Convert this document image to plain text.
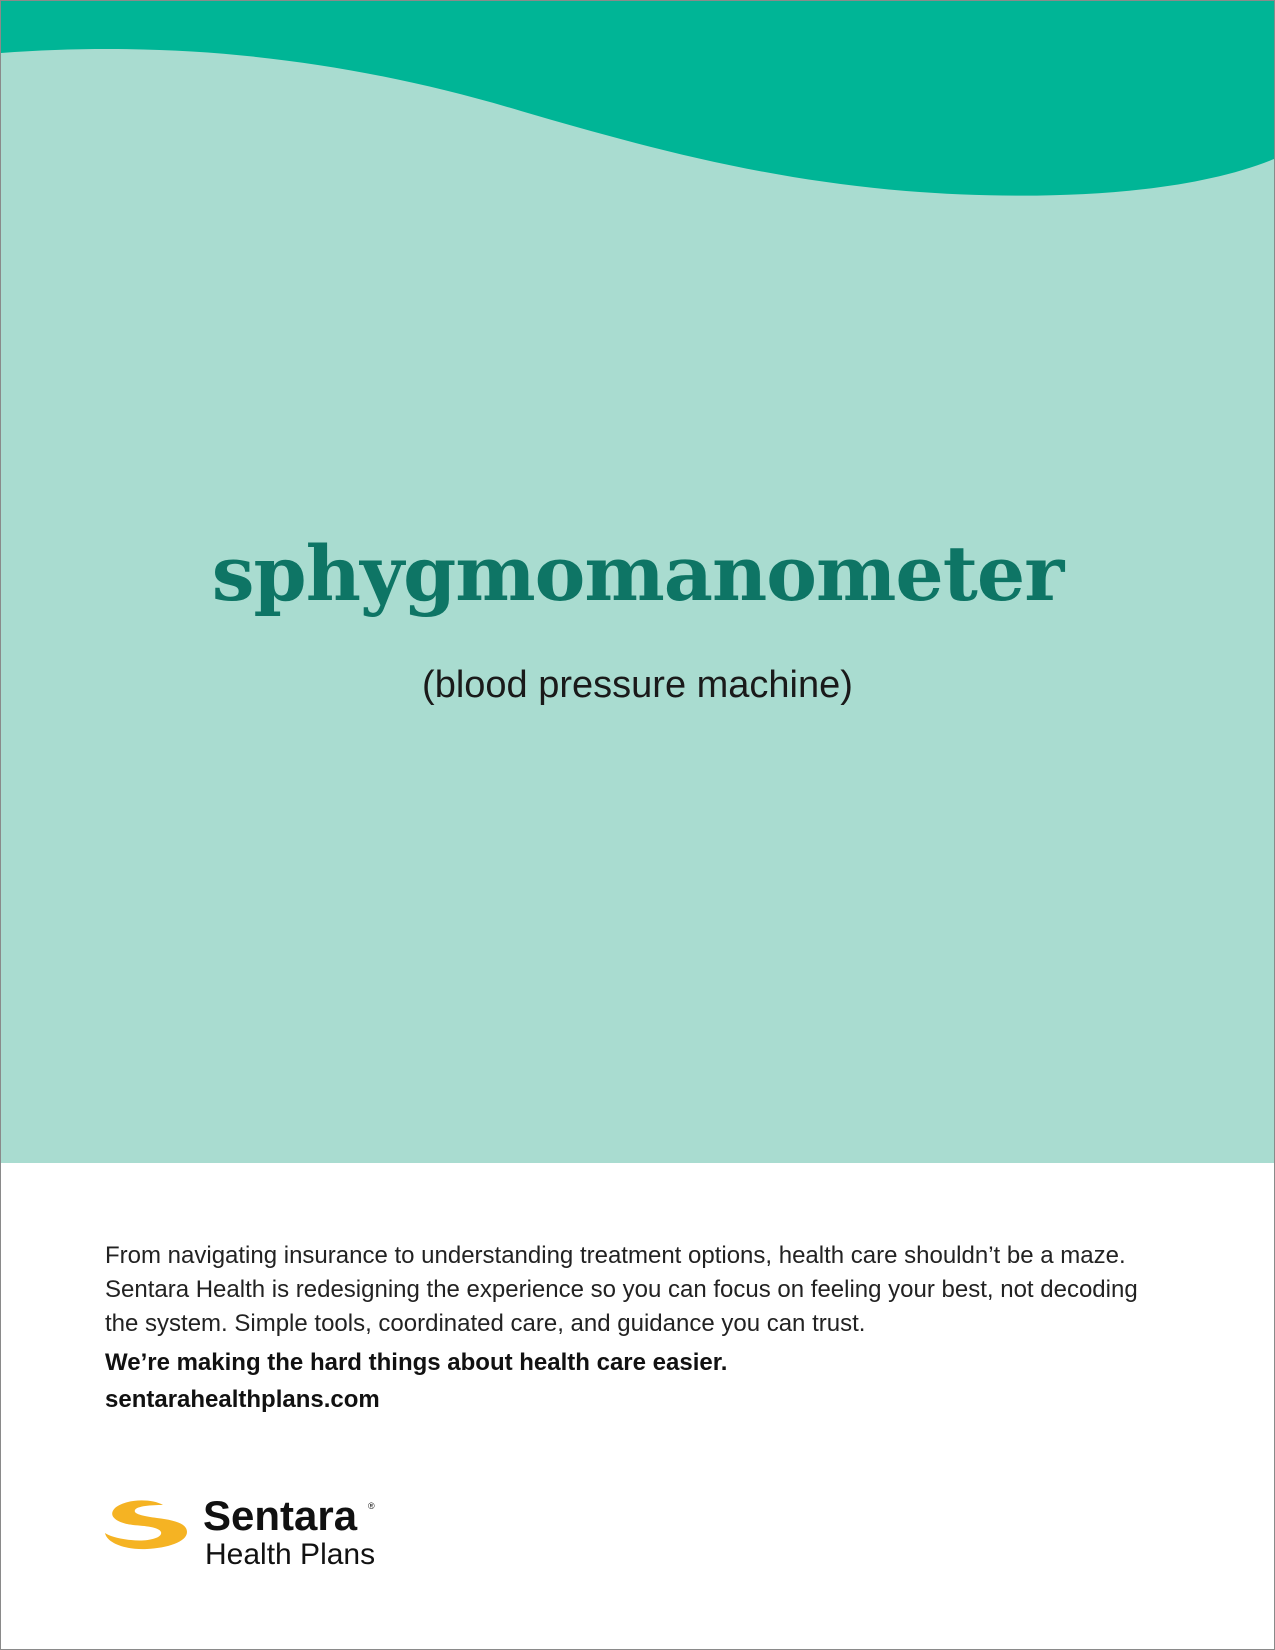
sphygmomanometer
(blood pressure machine)
From navigating insurance to understanding treatment options, health care shouldn’t be a maze.
Sentara Health is redesigning the experience so you can focus on feeling your best, not decoding
the system. Simple tools, coordinated care, and guidance you can trust.
We’re making the hard things about health care easier.
sentarahealthplans.com
Sentara ®
Health Plans
